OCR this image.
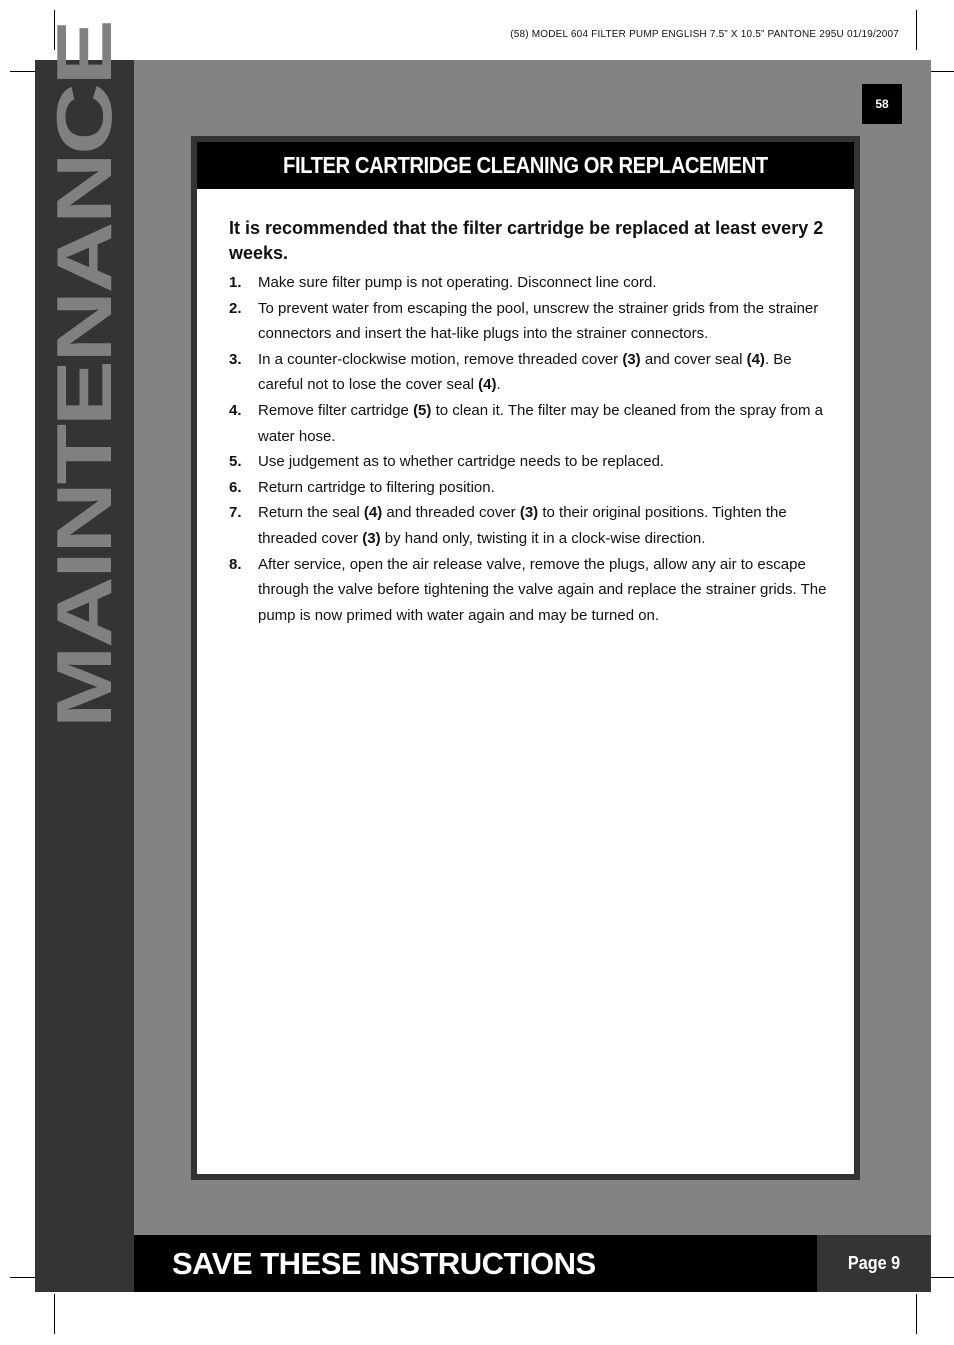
(58) MODEL 604 FILTER PUMP ENGLISH 7.5” X 10.5” PANTONE 295U 01/19/2007
MAINTENANCE	58
FILTER CARTRIDGE CLEANING OR REPLACEMENT

It is recommended that the filter cartridge be replaced at least every 2 weeks.

1.	Make sure filter pump is not operating. Disconnect line cord.
2.	To prevent water from escaping the pool, unscrew the strainer grids from the strainer connectors and insert the hat-like plugs into the strainer connectors.
3.	In a counter-clockwise motion, remove threaded cover (3) and cover seal (4). Be careful not to lose the cover seal (4).
4.	Remove filter cartridge (5) to clean it. The filter may be cleaned from the spray from a water hose.
5.	Use judgement as to whether cartridge needs to be replaced.
6.	Return cartridge to filtering position.
7.	Return the seal (4) and threaded cover (3) to their original positions. Tighten the threaded cover (3) by hand only, twisting it in a clock-wise direction.
8.	After service, open the air release valve, remove the plugs, allow any air to escape through the valve before tightening the valve again and replace the strainer grids. The pump is now primed with water again and may be turned on.
SAVE THESE INSTRUCTIONS	Page 9
